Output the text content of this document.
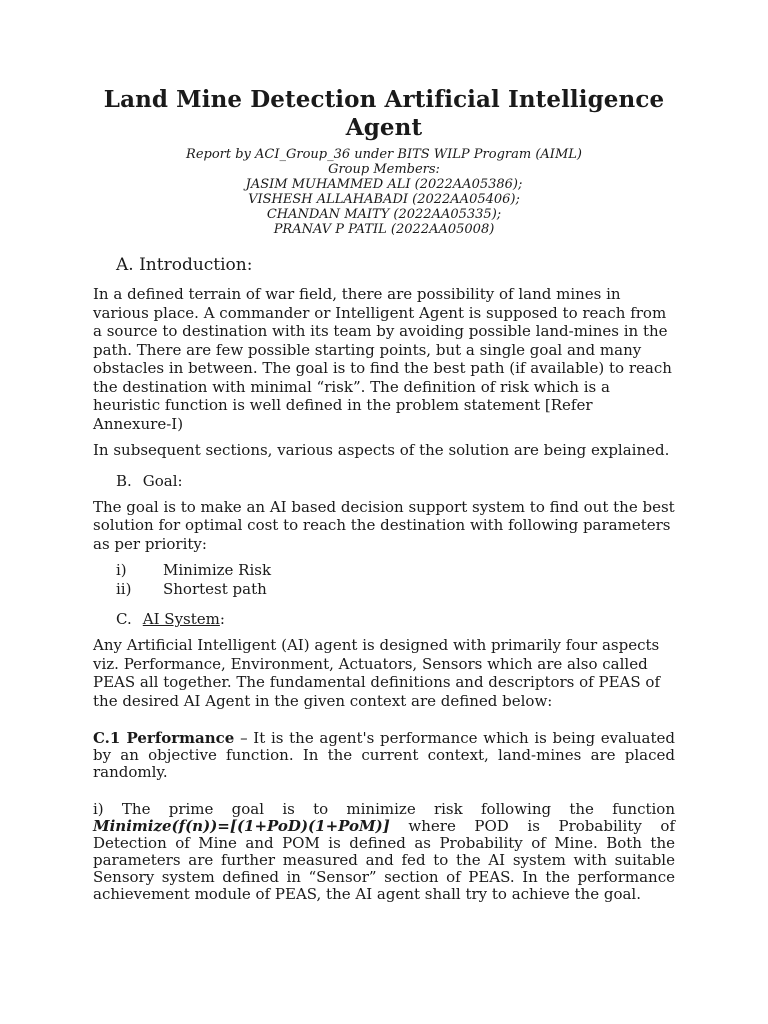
Land Mine Detection Artificial Intelligence Agent

Report by ACI_Group_36 under BITS WILP Program (AIML)

Group Members:

JASIM MUHAMMED ALI (2022AA05386);

VISHESH ALLAHABADI (2022AA05406);

CHANDAN MAITY (2022AA05335);

PRANAV P PATIL (2022AA05008)

A. Introduction:

In a defined terrain of war field, there are possibility of land mines in various place. A commander or Intelligent Agent is supposed to reach from a source to destination with its team by avoiding possible land-mines in the path. There are few possible starting points, but a single goal and many obstacles in between. The goal is to find the best path (if available) to reach the destination with minimal “risk”. The definition of risk which is a heuristic function is well defined in the problem statement [Refer Annexure-I)

In subsequent sections, various aspects of the solution are being explained.

B. Goal:

The goal is to make an AI based decision support system to find out the best solution for optimal cost to reach the destination with following parameters as per priority:

i)	Minimize Risk
ii)	Shortest path
C. AI System:

Any Artificial Intelligent (AI) agent is designed with primarily four aspects viz. Performance, Environment, Actuators, Sensors which are also called PEAS all together. The fundamental definitions and descriptors of PEAS of the desired AI Agent in the given context are defined below:

C.1 Performance – It is the agent's performance which is being evaluated by an objective function. In the current context, land-mines are placed randomly.

i) The prime goal is to minimize risk following the function Minimize(f(n))=[(1+PoD)(1+PoM)] where POD is Probability of Detection of Mine and POM is defined as Probability of Mine. Both the parameters are further measured and fed to the AI system with suitable Sensory system defined in “Sensor” section of PEAS. In the performance achievement module of PEAS, the AI agent shall try to achieve the goal.
